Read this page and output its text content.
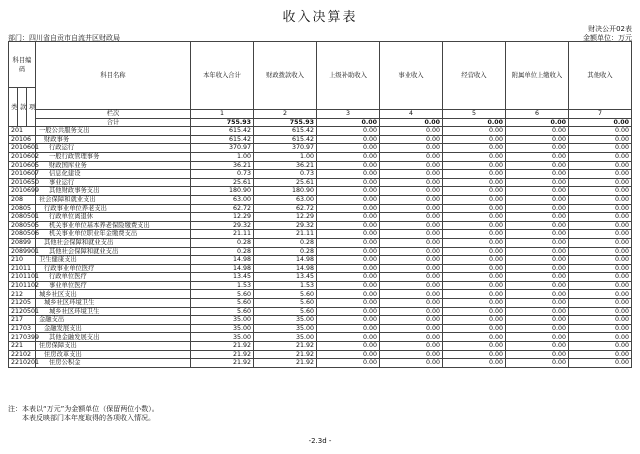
收入决算表
财决公开02表
金额单位：万元
部门：四川省自贡市自流井区财政局
科目编码			科目名称	本年收入合计	财政拨款收入	上级补助收入	事业收入	经营收入	附属单位上缴收入	其他收入
类	款	项								
			栏次	1	2	3	4	5	6	7
			合计	755.93	755.93	0.00	0.00	0.00	0.00	0.00
201			一般公共服务支出	615.42	615.42	0.00	0.00	0.00	0.00	0.00
20106			财政事务	615.42	615.42	0.00	0.00	0.00	0.00	0.00
2010601			行政运行	370.97	370.97	0.00	0.00	0.00	0.00	0.00
2010602			一般行政管理事务	1.00	1.00	0.00	0.00	0.00	0.00	0.00
2010605			财政国库业务	36.21	36.21	0.00	0.00	0.00	0.00	0.00
2010607			信息化建设	0.73	0.73	0.00	0.00	0.00	0.00	0.00
2010650			事业运行	25.61	25.61	0.00	0.00	0.00	0.00	0.00
2010699			其他财政事务支出	180.90	180.90	0.00	0.00	0.00	0.00	0.00
208			社会保障和就业支出	63.00	63.00	0.00	0.00	0.00	0.00	0.00
20805			行政事业单位养老支出	62.72	62.72	0.00	0.00	0.00	0.00	0.00
2080501			行政单位离退休	12.29	12.29	0.00	0.00	0.00	0.00	0.00
2080505			机关事业单位基本养老保险缴费支出	29.32	29.32	0.00	0.00	0.00	0.00	0.00
2080506			机关事业单位职业年金缴费支出	21.11	21.11	0.00	0.00	0.00	0.00	0.00
20899			其他社会保障和就业支出	0.28	0.28	0.00	0.00	0.00	0.00	0.00
2089901			其他社会保障和就业支出	0.28	0.28	0.00	0.00	0.00	0.00	0.00
210			卫生健康支出	14.98	14.98	0.00	0.00	0.00	0.00	0.00
21011			行政事业单位医疗	14.98	14.98	0.00	0.00	0.00	0.00	0.00
2101101			行政单位医疗	13.45	13.45	0.00	0.00	0.00	0.00	0.00
2101102			事业单位医疗	1.53	1.53	0.00	0.00	0.00	0.00	0.00
212			城乡社区支出	5.60	5.60	0.00	0.00	0.00	0.00	0.00
21205			城乡社区环境卫生	5.60	5.60	0.00	0.00	0.00	0.00	0.00
2120501			城乡社区环境卫生	5.60	5.60	0.00	0.00	0.00	0.00	0.00
217			金融支出	35.00	35.00	0.00	0.00	0.00	0.00	0.00
21703			金融发展支出	35.00	35.00	0.00	0.00	0.00	0.00	0.00
2170399			其他金融发展支出	35.00	35.00	0.00	0.00	0.00	0.00	0.00
221			住房保障支出	21.92	21.92	0.00	0.00	0.00	0.00	0.00
22102			住房改革支出	21.92	21.92	0.00	0.00	0.00	0.00	0.00
2210201			住房公积金	21.92	21.92	0.00	0.00	0.00	0.00	0.00
注：本表以“万元”为金额单位（保留两位小数）。
本表反映部门本年度取得的各项收入情况。
-2.3d -
